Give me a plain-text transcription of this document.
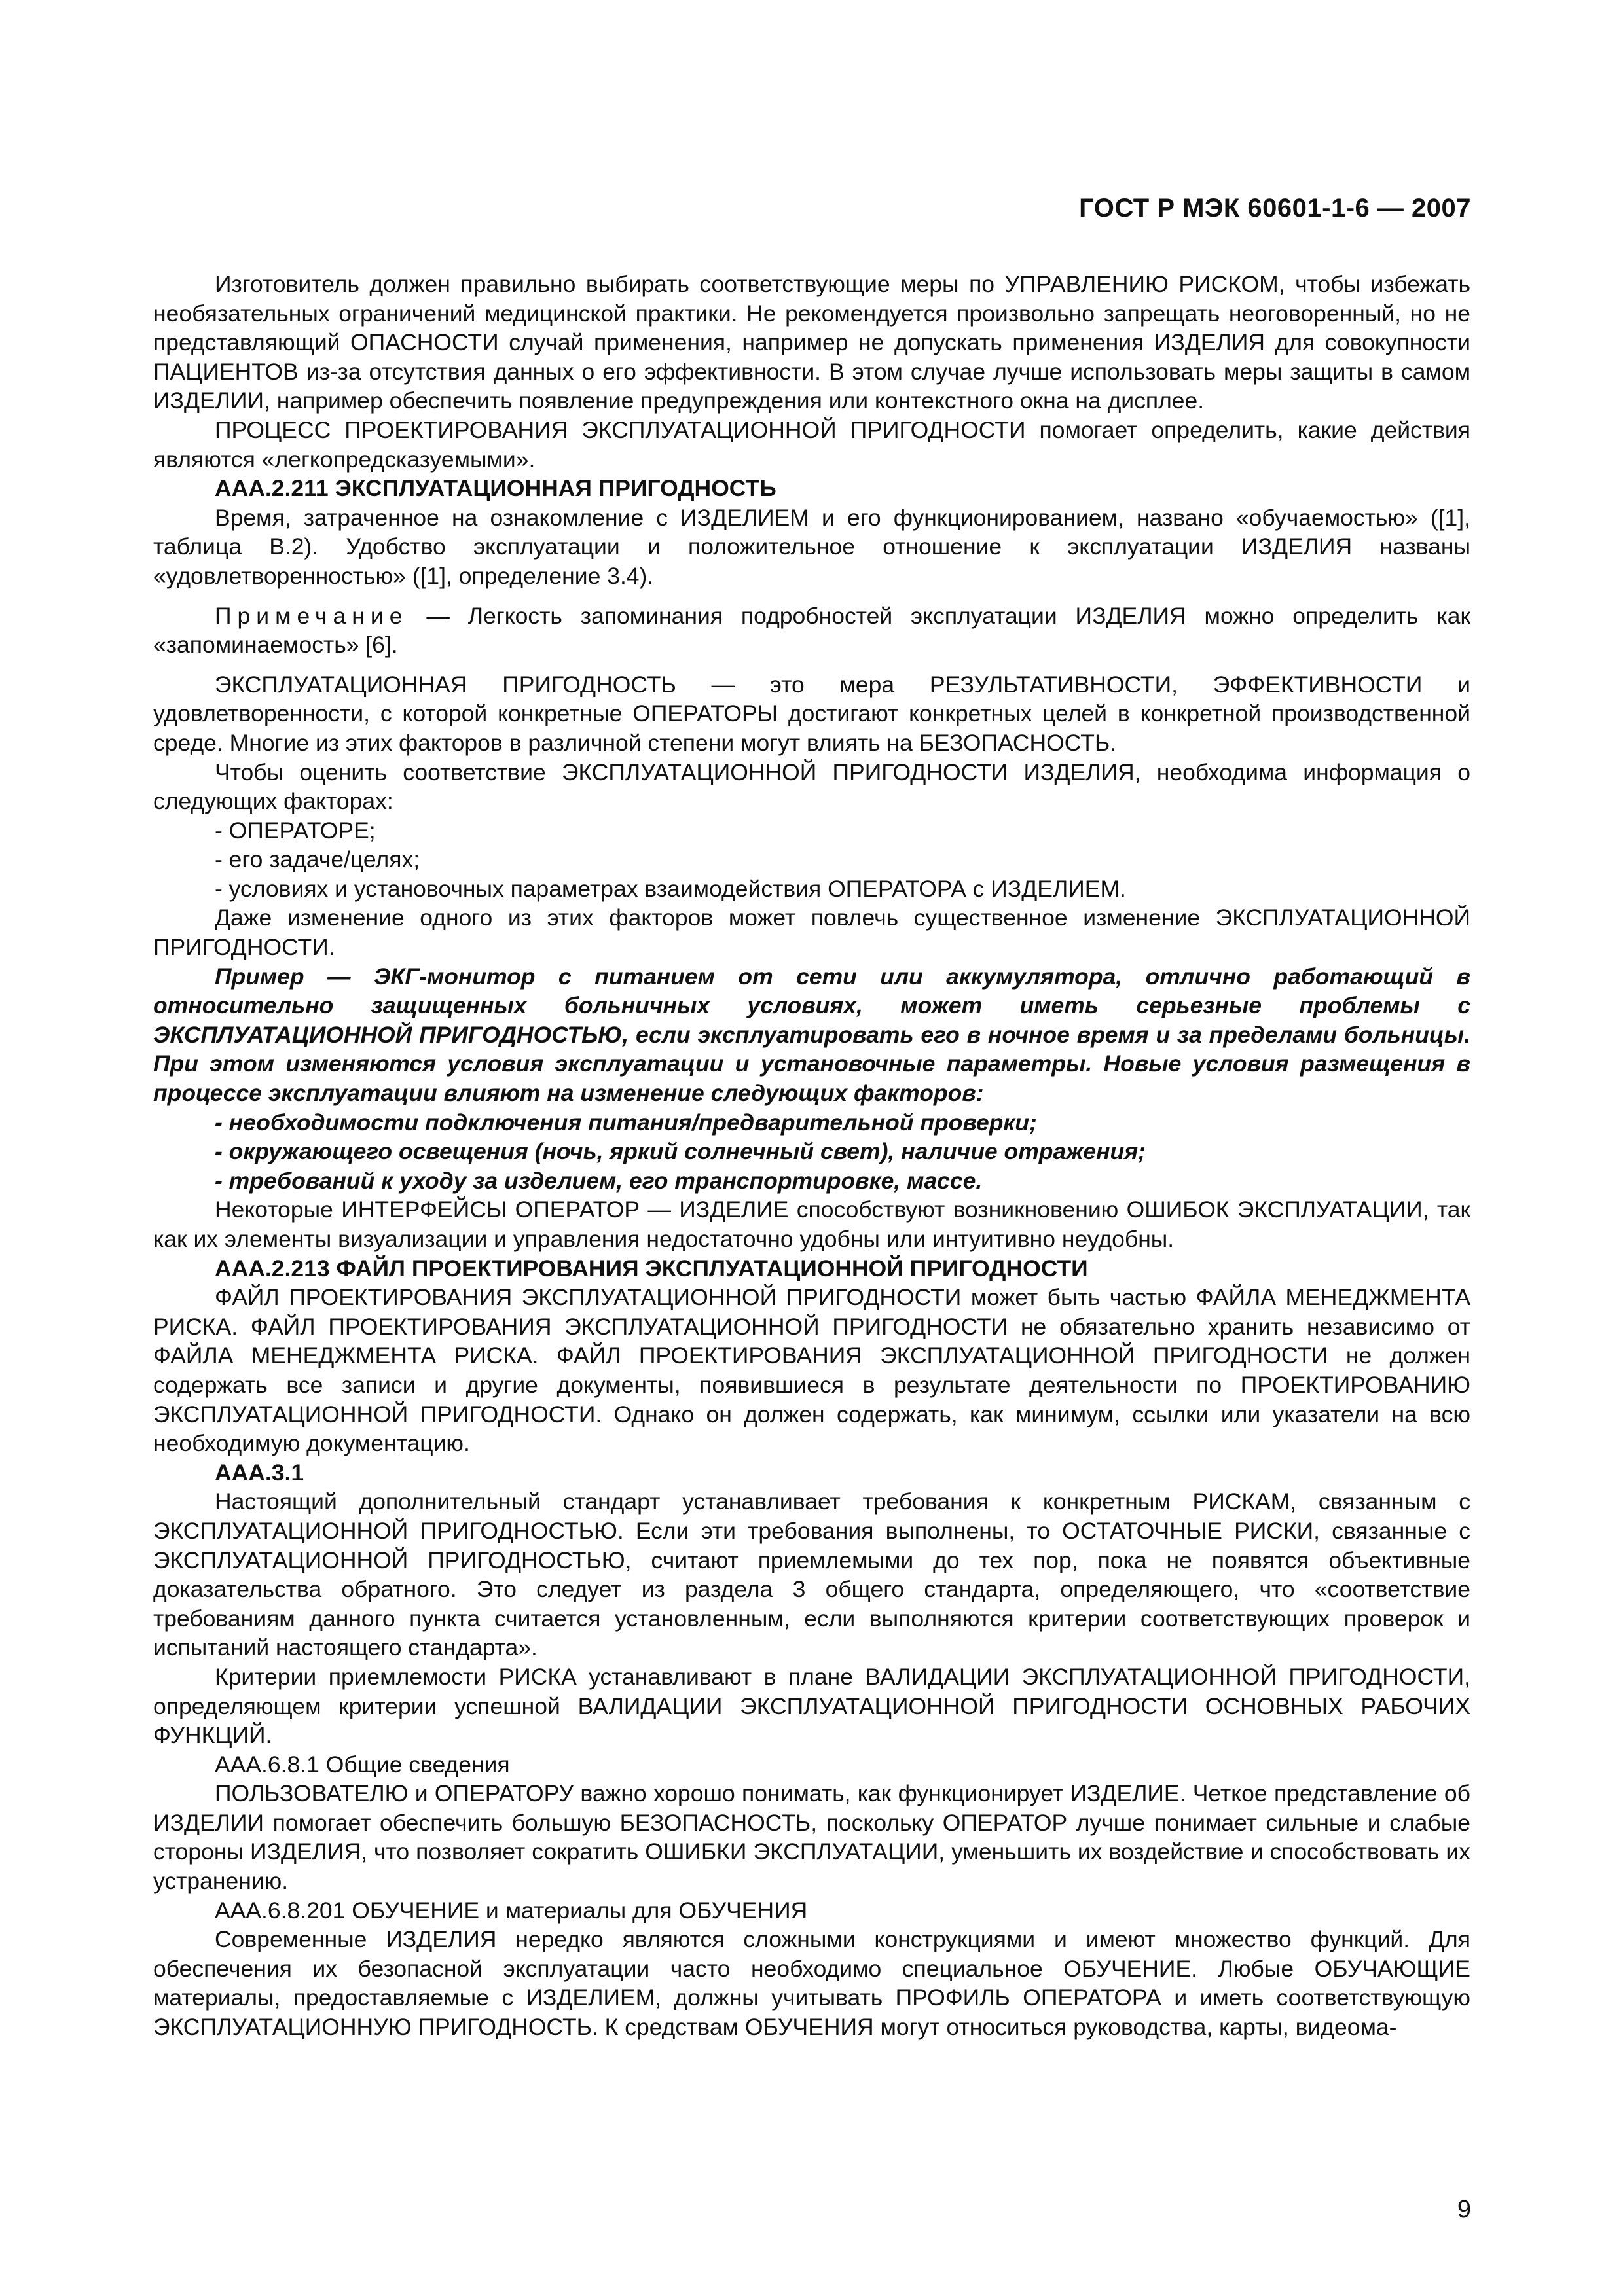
ГОСТ Р МЭК 60601-1-6 — 2007

Изготовитель должен правильно выбирать соответствующие меры по УПРАВЛЕНИЮ РИСКОМ, чтобы избежать необязательных ограничений медицинской практики. Не рекомендуется произвольно запрещать неоговоренный, но не представляющий ОПАСНОСТИ случай применения, например не допускать применения ИЗДЕЛИЯ для совокупности ПАЦИЕНТОВ из-за отсутствия данных о его эффективности. В этом случае лучше использовать меры защиты в самом ИЗДЕЛИИ, например обеспечить появление предупреждения или контекстного окна на дисплее.

ПРОЦЕСС ПРОЕКТИРОВАНИЯ ЭКСПЛУАТАЦИОННОЙ ПРИГОДНОСТИ помогает определить, какие действия являются «легкопредсказуемыми».

ААА.2.211 ЭКСПЛУАТАЦИОННАЯ ПРИГОДНОСТЬ

Время, затраченное на ознакомление с ИЗДЕЛИЕМ и его функционированием, названо «обучаемостью» ([1], таблица В.2). Удобство эксплуатации и положительное отношение к эксплуатации ИЗДЕЛИЯ названы «удовлетворенностью» ([1], определение 3.4).

Примечание — Легкость запоминания подробностей эксплуатации ИЗДЕЛИЯ можно определить как «запоминаемость» [6].

ЭКСПЛУАТАЦИОННАЯ ПРИГОДНОСТЬ — это мера РЕЗУЛЬТАТИВНОСТИ, ЭФФЕКТИВНОСТИ и удовлетворенности, с которой конкретные ОПЕРАТОРЫ достигают конкретных целей в конкретной производственной среде. Многие из этих факторов в различной степени могут влиять на БЕЗОПАСНОСТЬ.

Чтобы оценить соответствие ЭКСПЛУАТАЦИОННОЙ ПРИГОДНОСТИ ИЗДЕЛИЯ, необходима информация о следующих факторах:

- ОПЕРАТОРЕ;

- его задаче/целях;

- условиях и установочных параметрах взаимодействия ОПЕРАТОРА с ИЗДЕЛИЕМ.

Даже изменение одного из этих факторов может повлечь существенное изменение ЭКСПЛУАТАЦИОННОЙ ПРИГОДНОСТИ.

Пример — ЭКГ-монитор с питанием от сети или аккумулятора, отлично работающий в относительно защищенных больничных условиях, может иметь серьезные проблемы с ЭКСПЛУАТАЦИОННОЙ ПРИГОДНОСТЬЮ, если эксплуатировать его в ночное время и за пределами больницы. При этом изменяются условия эксплуатации и установочные параметры. Новые условия размещения в процессе эксплуатации влияют на изменение следующих факторов:

- необходимости подключения питания/предварительной проверки;

- окружающего освещения (ночь, яркий солнечный свет), наличие отражения;

- требований к уходу за изделием, его транспортировке, массе.

Некоторые ИНТЕРФЕЙСЫ ОПЕРАТОР — ИЗДЕЛИЕ способствуют возникновению ОШИБОК ЭКСПЛУАТАЦИИ, так как их элементы визуализации и управления недостаточно удобны или интуитивно неудобны.

ААА.2.213 ФАЙЛ ПРОЕКТИРОВАНИЯ ЭКСПЛУАТАЦИОННОЙ ПРИГОДНОСТИ

ФАЙЛ ПРОЕКТИРОВАНИЯ ЭКСПЛУАТАЦИОННОЙ ПРИГОДНОСТИ может быть частью ФАЙЛА МЕНЕДЖМЕНТА РИСКА. ФАЙЛ ПРОЕКТИРОВАНИЯ ЭКСПЛУАТАЦИОННОЙ ПРИГОДНОСТИ не обязательно хранить независимо от ФАЙЛА МЕНЕДЖМЕНТА РИСКА. ФАЙЛ ПРОЕКТИРОВАНИЯ ЭКСПЛУАТАЦИОННОЙ ПРИГОДНОСТИ не должен содержать все записи и другие документы, появившиеся в результате деятельности по ПРОЕКТИРОВАНИЮ ЭКСПЛУАТАЦИОННОЙ ПРИГОДНОСТИ. Однако он должен содержать, как минимум, ссылки или указатели на всю необходимую документацию.

ААА.3.1

Настоящий дополнительный стандарт устанавливает требования к конкретным РИСКАМ, связанным с ЭКСПЛУАТАЦИОННОЙ ПРИГОДНОСТЬЮ. Если эти требования выполнены, то ОСТАТОЧНЫЕ РИСКИ, связанные с ЭКСПЛУАТАЦИОННОЙ ПРИГОДНОСТЬЮ, считают приемлемыми до тех пор, пока не появятся объективные доказательства обратного. Это следует из раздела 3 общего стандарта, определяющего, что «соответствие требованиям данного пункта считается установленным, если выполняются критерии соответствующих проверок и испытаний настоящего стандарта».

Критерии приемлемости РИСКА устанавливают в плане ВАЛИДАЦИИ ЭКСПЛУАТАЦИОННОЙ ПРИГОДНОСТИ, определяющем критерии успешной ВАЛИДАЦИИ ЭКСПЛУАТАЦИОННОЙ ПРИГОДНОСТИ ОСНОВНЫХ РАБОЧИХ ФУНКЦИЙ.

ААА.6.8.1 Общие сведения

ПОЛЬЗОВАТЕЛЮ и ОПЕРАТОРУ важно хорошо понимать, как функционирует ИЗДЕЛИЕ. Четкое представление об ИЗДЕЛИИ помогает обеспечить большую БЕЗОПАСНОСТЬ, поскольку ОПЕРАТОР лучше понимает сильные и слабые стороны ИЗДЕЛИЯ, что позволяет сократить ОШИБКИ ЭКСПЛУАТАЦИИ, уменьшить их воздействие и способствовать их устранению.

ААА.6.8.201 ОБУЧЕНИЕ и материалы для ОБУЧЕНИЯ

Современные ИЗДЕЛИЯ нередко являются сложными конструкциями и имеют множество функций. Для обеспечения их безопасной эксплуатации часто необходимо специальное ОБУЧЕНИЕ. Любые ОБУЧАЮЩИЕ материалы, предоставляемые с ИЗДЕЛИЕМ, должны учитывать ПРОФИЛЬ ОПЕРАТОРА и иметь соответствующую ЭКСПЛУАТАЦИОННУЮ ПРИГОДНОСТЬ. К средствам ОБУЧЕНИЯ могут относиться руководства, карты, видеома-

9
